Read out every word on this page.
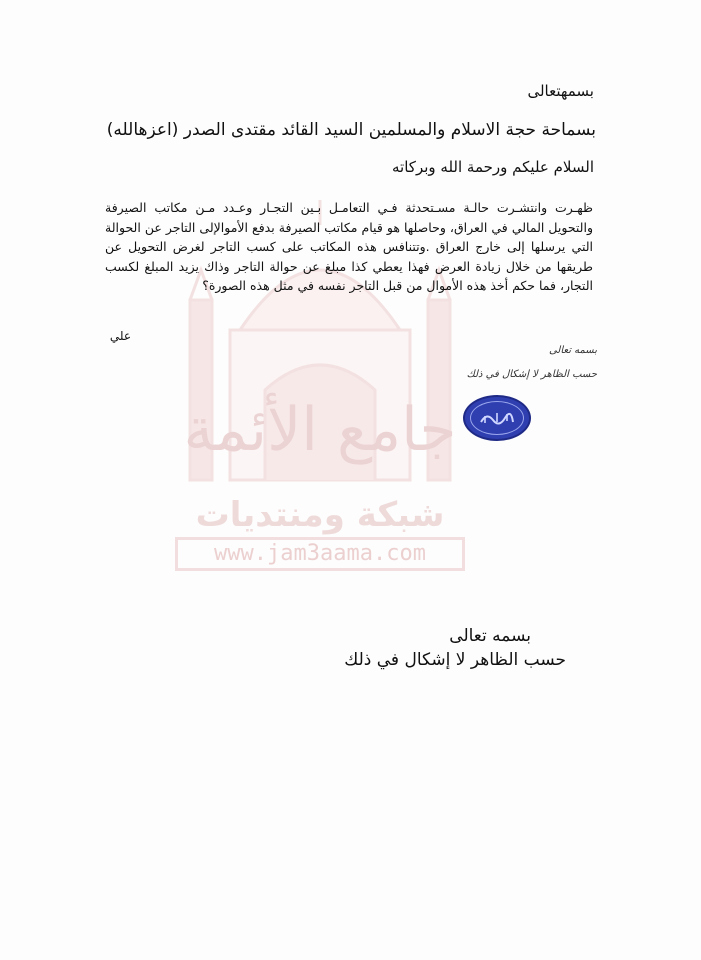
جامع الأئمة
شبكة ومنتديات
www.jam3aama.com
بسمهتعالى
بسماحة حجة الاسلام والمسلمين السيد القائد مقتدى الصدر (اعزهالله)
السلام عليكم ورحمة الله وبركاته
ظهـرت وانتشـرت حالـة مسـتحدثة فـي التعامـل بـين التجـار وعـدد مـن مكاتب الصيرفة والتحويل المالي في العراق، وحاصلها هو قيام مكاتب الصيرفة بدفع الأموالإلى التاجر عن الحوالة التي يرسلها إلى خارج العراق .وتتنافس هذه المكاتب على كسب التاجر لغرض التحويل عن طريقها من خلال زيادة العرض فهذا يعطي كذا مبلغ عن حوالة التاجر وذاك يزيد المبلغ لكسب التجار، فما حكم أخذ هذه الأموال من قبل التاجر نفسه في مثل هذه الصورة؟
علي
بسمه تعالى
حسب الظاهر لا إشكال في ذلك
بسمه تعالى
حسب الظاهر لا إشكال في ذلك
